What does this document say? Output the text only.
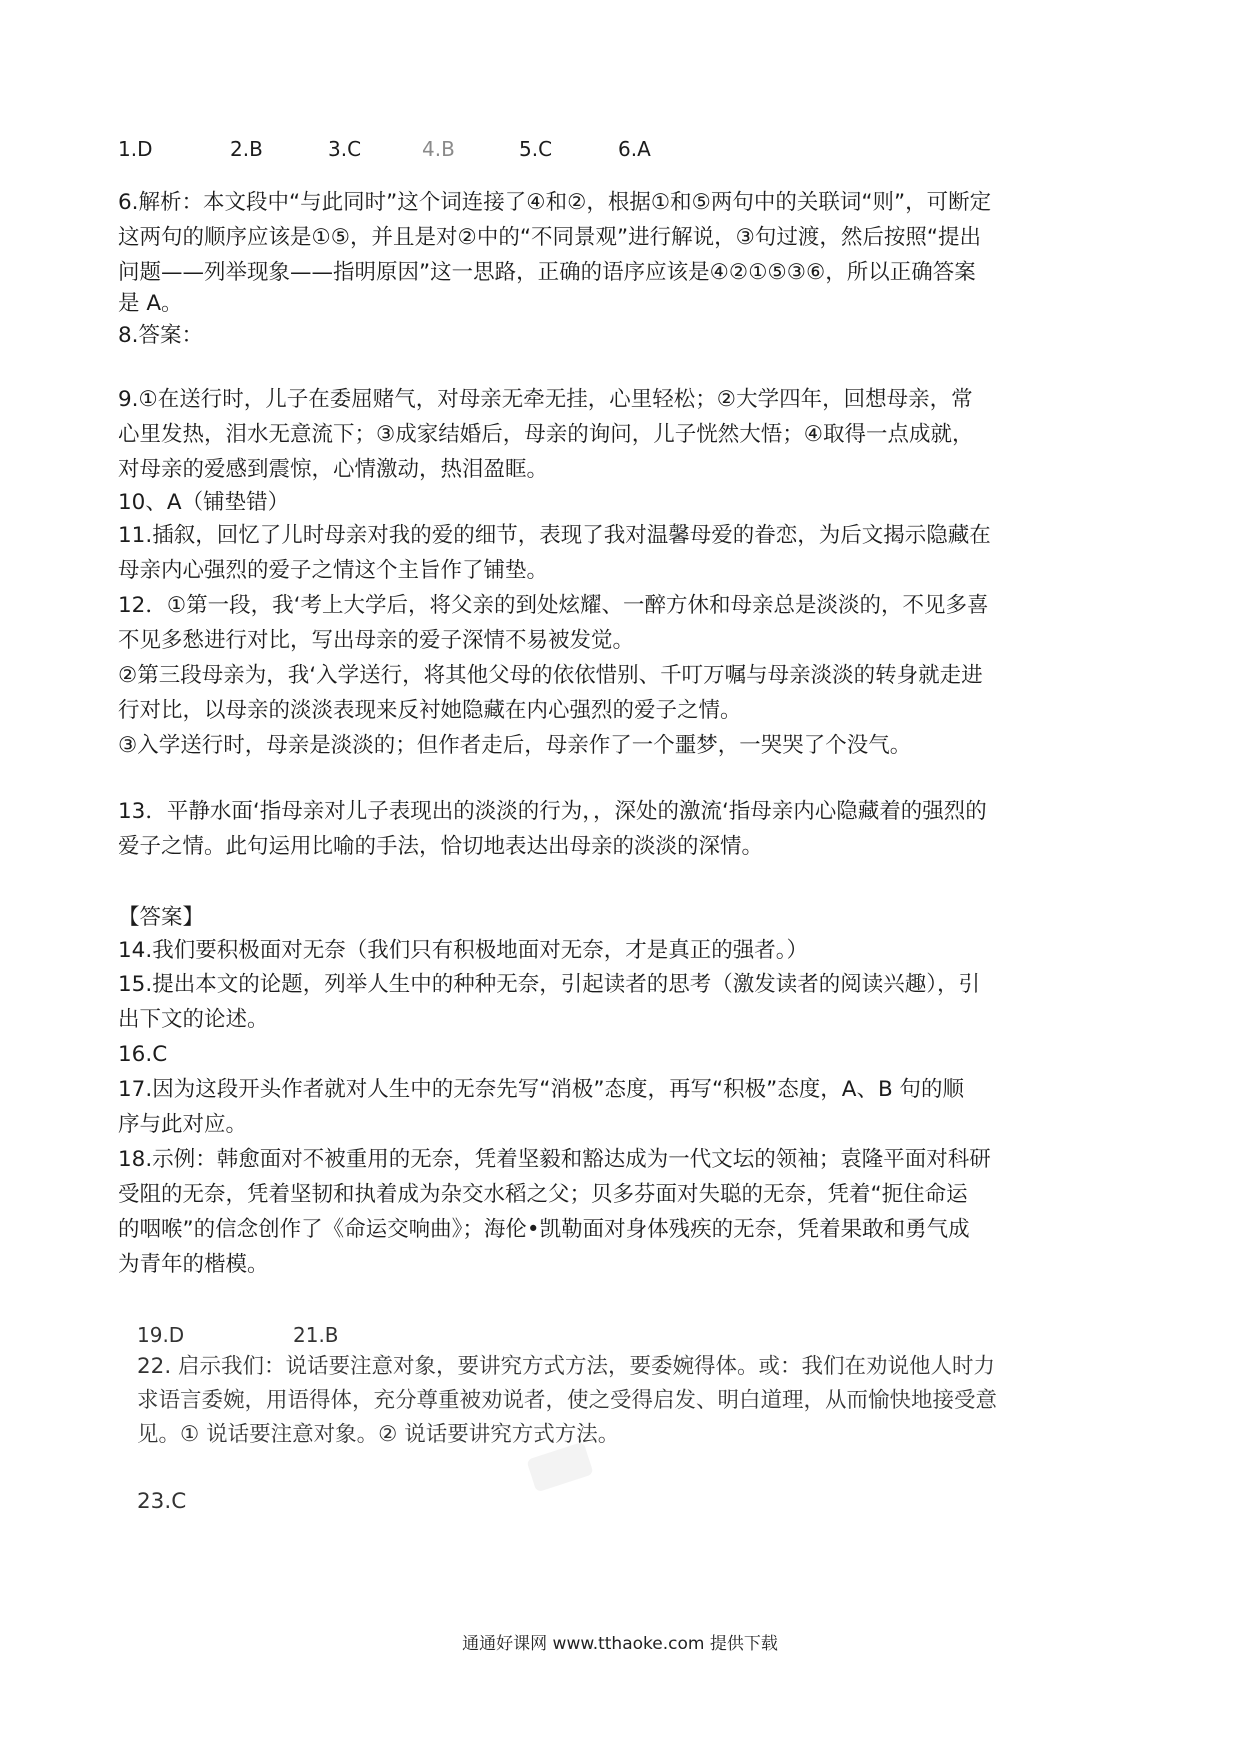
1.D	2.B	3.C	4.B	5.C	6.A

6.解析：本文段中“与此同时”这个词连接了④和②，根据①和⑤两句中的关联词“则”，可断定

这两句的顺序应该是①⑤，并且是对②中的“不同景观”进行解说，③句过渡，然后按照“提出

问题——列举现象——指明原因”这一思路，正确的语序应该是④②①⑤③⑥，所以正确答案

是 A。

8.答案：

9.①在送行时，儿子在委屈赌气，对母亲无牵无挂，心里轻松；②大学四年，回想母亲，常

心里发热，泪水无意流下；③成家结婚后，母亲的询问，儿子恍然大悟；④取得一点成就，

对母亲的爱感到震惊，心情激动，热泪盈眶。

10、A（铺垫错）

11.插叙，回忆了儿时母亲对我的爱的细节，表现了我对温馨母爱的眷恋，为后文揭示隐藏在

母亲内心强烈的爱子之情这个主旨作了铺垫。

12．①第一段，我‘考上大学后，将父亲的到处炫耀、一醉方休和母亲总是淡淡的，不见多喜

不见多愁进行对比，写出母亲的爱子深情不易被发觉。

②第三段母亲为，我‘入学送行，将其他父母的依依惜别、千叮万嘱与母亲淡淡的转身就走进

行对比，以母亲的淡淡表现来反衬她隐藏在内心强烈的爱子之情。

③入学送行时，母亲是淡淡的；但作者走后，母亲作了一个噩梦，一哭哭了个没气。

13．平静水面‘指母亲对儿子表现出的淡淡的行为，，深处的激流‘指母亲内心隐藏着的强烈的

爱子之情。此句运用比喻的手法，恰切地表达出母亲的淡淡的深情。

【答案】

14.我们要积极面对无奈（我们只有积极地面对无奈，才是真正的强者。）

15.提出本文的论题，列举人生中的种种无奈，引起读者的思考（激发读者的阅读兴趣），引

出下文的论述。

16.C

17.因为这段开头作者就对人生中的无奈先写“消极”态度，再写“积极”态度，A、B 句的顺

序与此对应。

18.示例：韩愈面对不被重用的无奈，凭着坚毅和豁达成为一代文坛的领袖；袁隆平面对科研

受阻的无奈，凭着坚韧和执着成为杂交水稻之父；贝多芬面对失聪的无奈，凭着“扼住命运

的咽喉”的信念创作了《命运交响曲》；海伦•凯勒面对身体残疾的无奈，凭着果敢和勇气成

为青年的楷模。

19.D	21.B

22. 启示我们：说话要注意对象，要讲究方式方法，要委婉得体。或：我们在劝说他人时力

求语言委婉，用语得体，充分尊重被劝说者，使之受得启发、明白道理，从而愉快地接受意

见。① 说话要注意对象。② 说话要讲究方式方法。

23.C

通通好课网 www.tthaoke.com 提供下载
